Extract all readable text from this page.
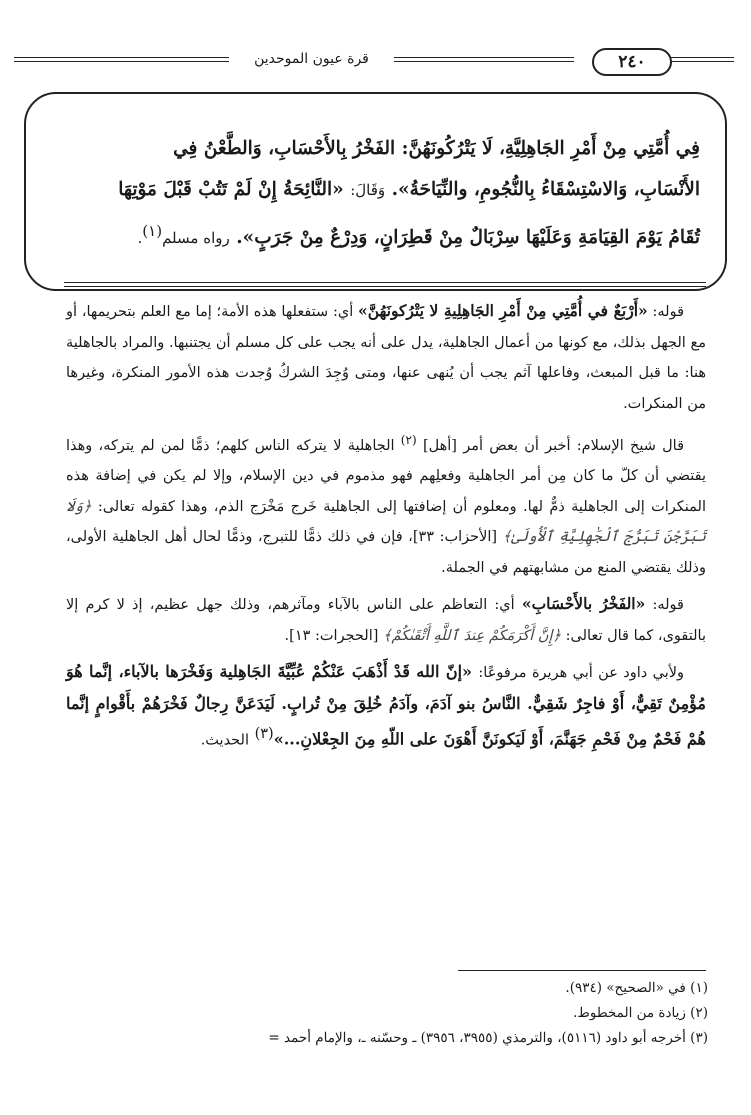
قرة عيون الموحدين	٢٤٠
فِي أُمَّتِي مِنْ أَمْرِ الجَاهِلِيَّةِ، لَا يَتْرُكُونَهُنَّ: الفَخْرُ بِالأَحْسَابِ، وَالطَّعْنُ فِي
الأَنْسَابِ، وَالاسْتِسْقَاءُ بِالنُّجُومِ، والنِّيَاحَةُ». وَقَالَ: «النَّائِحَةُ إِنْ لَمْ تَتُبْ قَبْلَ مَوْتِهَا
تُقَامُ يَوْمَ القِيَامَةِ وَعَلَيْهَا سِرْبَالٌ مِنْ قَطِرَانٍ، وَدِرْعٌ مِنْ جَرَبٍ». رواه مسلم$^{(١)}$.

قوله: «أَرْبَعٌ في أُمَّتِي مِنْ أَمْرِ الجَاهِلِيةِ لا يَتْرُكونَهُنَّ» أي: ستفعلها هذه الأمة؛ إما مع العلم بتحريمها، أو مع الجهل بذلك، مع كونها من أعمال الجاهلية، يدل على أنه يجب على كل مسلم أن يجتنبها. والمراد بالجاهلية هنا: ما قبل المبعث، وفاعلها آثم يجب أن يُنهى عنها، ومتى وُجِدَ الشركُ وُجدت هذه الأمور المنكرة، وغيرها من المنكرات.

قال شيخ الإسلام: أخبر أن بعض أمر [أهل] $^{(٢)}$ الجاهلية لا يتركه الناس كلهم؛ ذمًّا لمن لم يتركه، وهذا يقتضي أن كلّ ما كان مِن أمر الجاهلية وفعلِهم فهو مذموم في دين الإسلام، وإلا لم يكن في إضافة هذه المنكرات إلى الجاهلية ذمٌّ لها. ومعلوم أن إضافتها إلى الجاهلية خَرج مَخْرَج الذم، وهذا كقوله تعالى: ﴿وَلَا تَبَرَّجْنَ تَبَرُّجَ ٱلْجَٰهِلِيَّةِ ٱلْأُولَىٰ﴾ [الأحزاب: ٣٣]، فإن في ذلك ذمًّا للتبرج، وذمًّا لحال أهل الجاهلية الأولى، وذلك يقتضي المنع من مشابهتهم في الجملة.

قوله: «الفَخْرُ بالأَحْسَابِ» أي: التعاظم على الناس بالآباء ومآثرهم، وذلك جهل عظيم، إذ لا كرم إلا بالتقوى، كما قال تعالى: ﴿إِنَّ أَكْرَمَكُمْ عِندَ ٱللَّهِ أَتْقَىٰكُمْ﴾ [الحجرات: ١٣].

ولأبي داود عن أبي هريرة مرفوعًا: «إنّ الله قَدْ أَذْهَبَ عَنْكُمْ عُبِّيَّةَ الجَاهِلية وَفَخْرَها بالآباء، إنَّما هُوَ مُؤْمِنٌ تَقِيٌّ، أَوْ فاجِرٌ شَقِيٌّ. النَّاسُ بنو آدَمَ، وآدَمُ خُلِقَ مِنْ تُرابٍ. لَيَدَعَنَّ رِجالٌ فَخْرَهُمْ بأَقْوامٍ إنَّما هُمْ فَحْمٌ مِنْ فَحْمِ جَهَنَّمَ، أَوْ لَيَكونَنَّ أَهْوَنَ على اللّهِ مِنَ الجِعْلانِ...»$^{(٣)}$ الحديث.

(١) في «الصحيح» (٩٣٤).
(٢) زيادة من المخطوط.
(٣) أخرجه أبو داود (٥١١٦)، والترمذي (٣٩٥٥، ٣٩٥٦) ـ وحسّنه ـ، والإمام أحمد =
